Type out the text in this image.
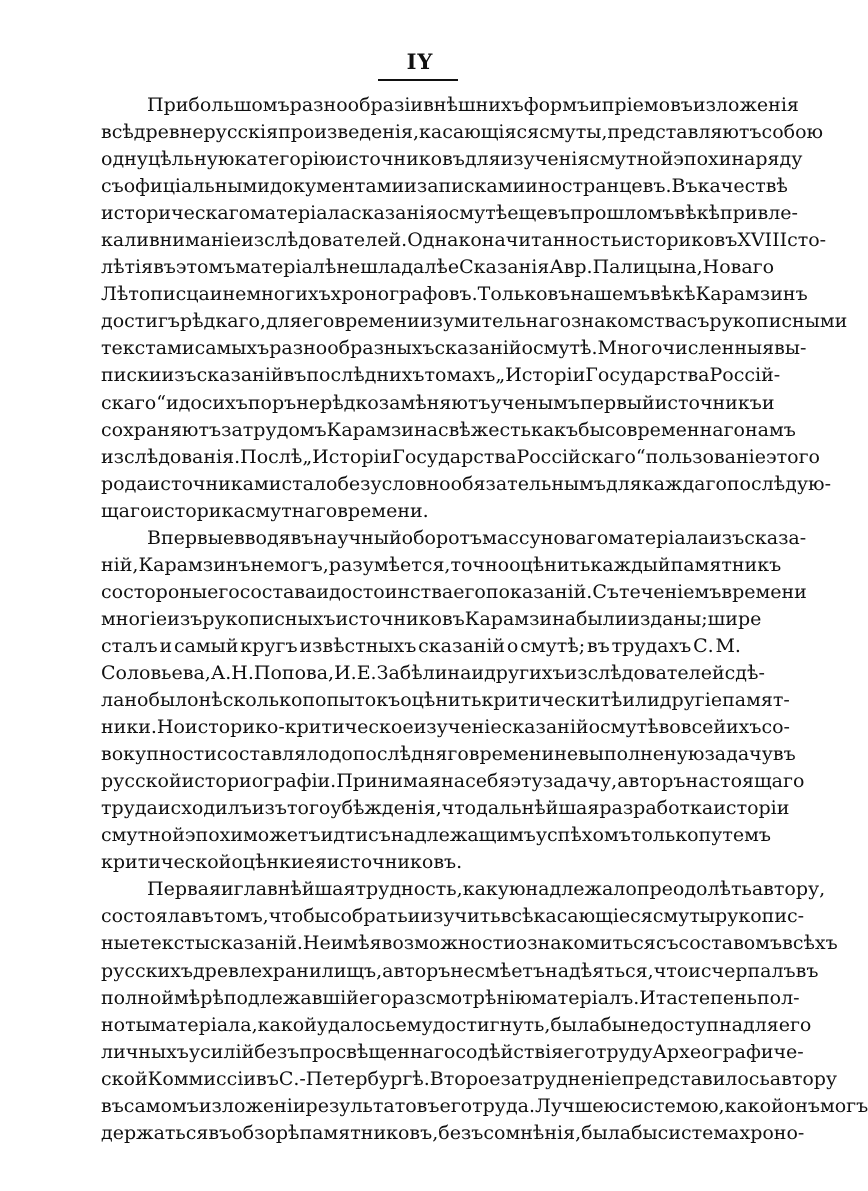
IY
При большомъ разнообразіи внѣшнихъ формъ и пріемовъ изложенія
всѣ древнерусскія произведенія, касающіяся смуты, представляютъ собою
одну цѣльную категорію источниковъ для изученія смутной эпохи наряду
съ офиціальными документами и записками иностранцевъ. Въ качествѣ
историческаго матеріала сказанія о смутѣ еще въ прошломъ вѣкѣ привле-
кали вниманіе изслѣдователей. Однако начитанность историковъ XVIII сто-
лѣтія въ этомъ матеріалѣ не шла далѣе Сказанія Авр. Палицына, Новаго
Лѣтописца и немногихъ хронографовъ. Только въ нашемъ вѣкѣ Карамзинъ
достигъ рѣдкаго, для его времени изумительнаго знакомства съ рукописными
текстами самыхъ разнообразныхъ сказаній о смутѣ. Многочисленныя вы-
писки изъ сказаній въ послѣднихъ томахъ „Исторіи Государства Россій-
скаго“ и до сихъ поръ нерѣдко замѣняютъ ученымъ первый источникъ и
сохраняютъ за трудомъ Карамзина свѣжесть какъ бы современнаго намъ
изслѣдованія. Послѣ „Исторіи Государства Россійскаго“ пользованіе этого
рода источниками стало безусловно обязательнымъ для каждаго послѣдую-
щаго историка смутнаго времени.
Впервые вводя въ научный оборотъ массу новаго матеріала изъ сказа-
ній, Карамзинъ не могъ, разумѣется, точно оцѣнить каждый памятникъ
со стороны его состава и достоинства его показаній. Съ теченіемъ времени
многіе изъ рукописныхъ источниковъ Карамзина были изданы; шире
сталъ и самый кругъ извѣстныхъ сказаній о смутѣ; въ трудахъ С. М.
Соловьева, А. Н. Попова, И. Е. Забѣлина и другихъ изслѣдователей сдѣ-
лано было нѣсколько попытокъ оцѣнить критически тѣ или другіе памят-
ники. Но историко-критическое изученіе сказаній о смутѣ во всей ихъ со-
вокупности составляло до послѣдняго времени невыполненую задачу въ
русской историографіи. Принимая на себя эту задачу, авторъ настоящаго
труда исходилъ изъ того убѣжденія, что дальнѣйшая разработка исторіи
смутной эпохи можетъ идти съ надлежащимъ успѣхомъ только путемъ
критической оцѣнки ея источниковъ.
Первая и главнѣйшая трудность, какую надлежало преодолѣть автору,
состояла въ томъ, чтобы собрать и изучить всѣ касающіеся смуты рукопис-
ные тексты сказаній. Не имѣя возможности ознакомиться съ составомъ всѣхъ
русскихъ древлехранилищъ, авторъ не смѣетъ надѣяться, что исчерпалъ въ
полной мѣрѣ подлежавшій его разсмотрѣнію матеріалъ. И та степень пол-
ноты матеріала, какой удалось ему достигнуть, была бы недоступна для его
личныхъ усилій безъ просвѣщеннаго содѣйствія его труду Археографиче-
ской Коммиссіи въ С.-Петербургѣ. Второе затрудненіе представилось автору
въ самомъ изложеніи результатовъ его труда. Лучшею системою, какой онъ могъ
держаться въ обзорѣ памятниковъ, безъ сомнѣнія, была бы система хроно-
